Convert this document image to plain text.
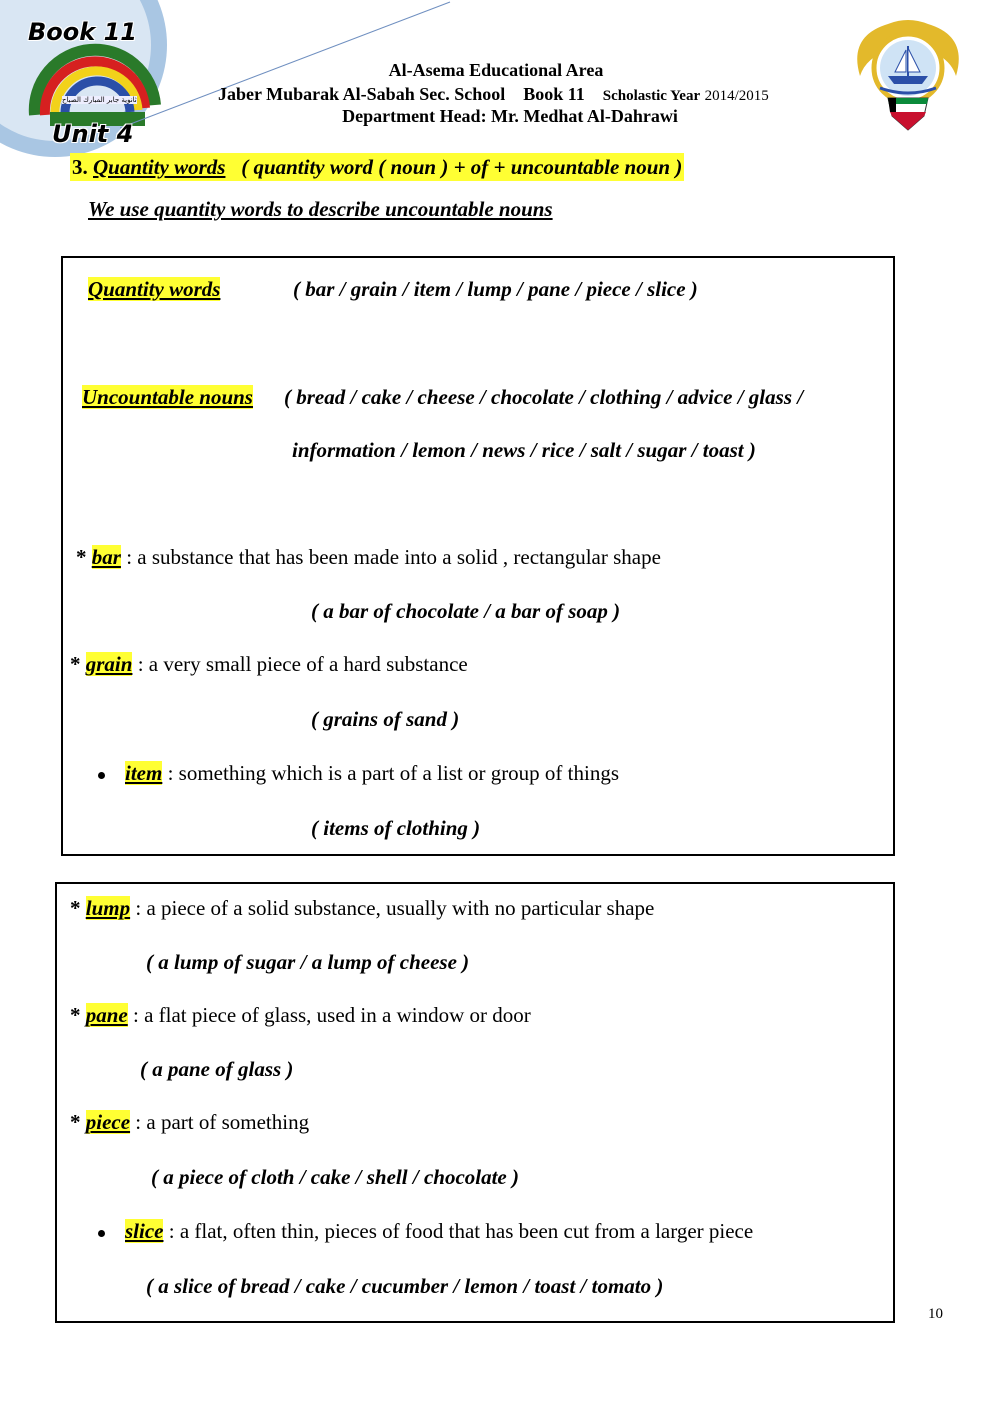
Book 11
Unit 4
ثانوية جابر المبارك الصباح
Al-Asema Educational Area
Jaber Mubarak Al-Sabah Sec. School Book 11 Scholastic Year 2014/2015
Department Head: Mr. Medhat Al-Dahrawi
3. Quantity words ( quantity word ( noun ) + of + uncountable noun )
We use quantity words to describe uncountable nouns
Quantity words	( bar / grain / item / lump / pane / piece / slice )
Uncountable nouns ( bread / cake / cheese / chocolate / clothing / advice / glass /
information / lemon / news / rice / salt / sugar / toast )
* bar : a substance that has been made into a solid , rectangular shape
( a bar of chocolate / a bar of soap )
* grain : a very small piece of a hard substance
( grains of sand )
item : something which is a part of a list or group of things
( items of clothing )
* lump : a piece of a solid substance, usually with no particular shape
( a lump of sugar / a lump of cheese )
* pane : a flat piece of glass, used in a window or door
( a pane of glass )
* piece : a part of something
( a piece of cloth / cake / shell / chocolate )
slice : a flat, often thin, pieces of food that has been cut from a larger piece
( a slice of bread / cake / cucumber / lemon / toast / tomato )
10
